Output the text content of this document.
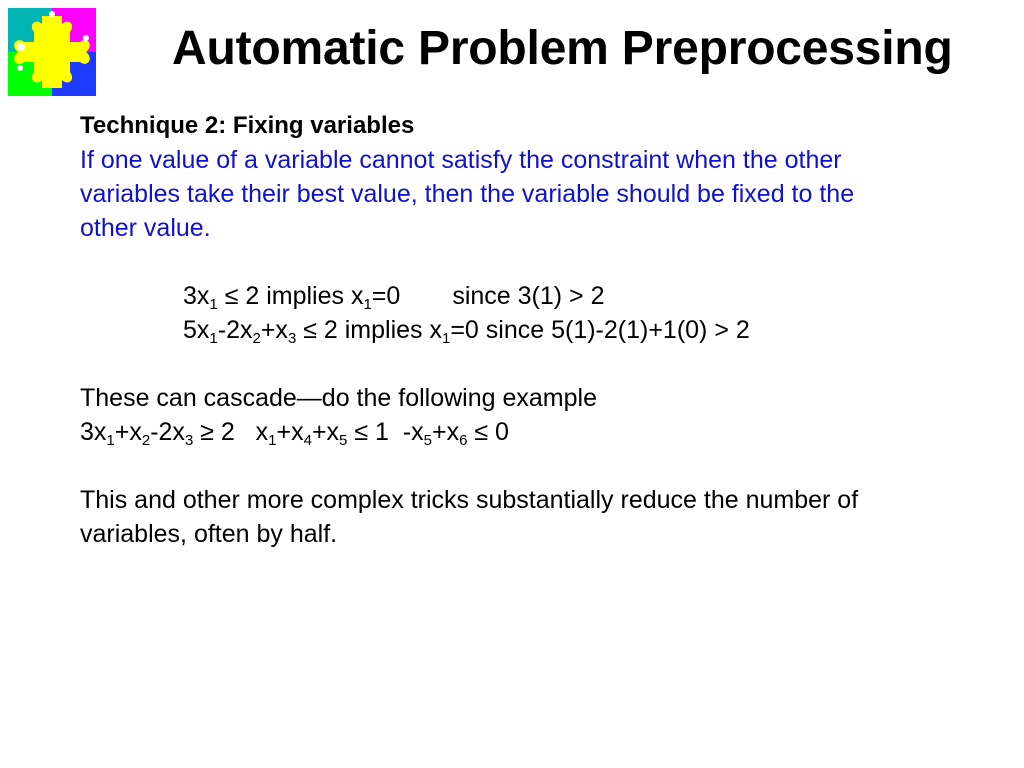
Automatic Problem Preprocessing
Technique 2: Fixing variables
If one value of a variable cannot satisfy the constraint when the other
variables take their best value, then the variable should be fixed to the
other value.
$3x_1 \le 2$ implies $x_1=0$ since 3(1) > 2
$5x_1-2x_2+x_3 \le 2$ implies $x_1=0$ since 5(1)-2(1)+1(0) > 2
These can cascade—do the following example
$3x_1+x_2-2x_3 \ge 2$   $x_1+x_4+x_5 \le 1$  $-x_5+x_6 \le 0$
This and other more complex tricks substantially reduce the number of
variables, often by half.
